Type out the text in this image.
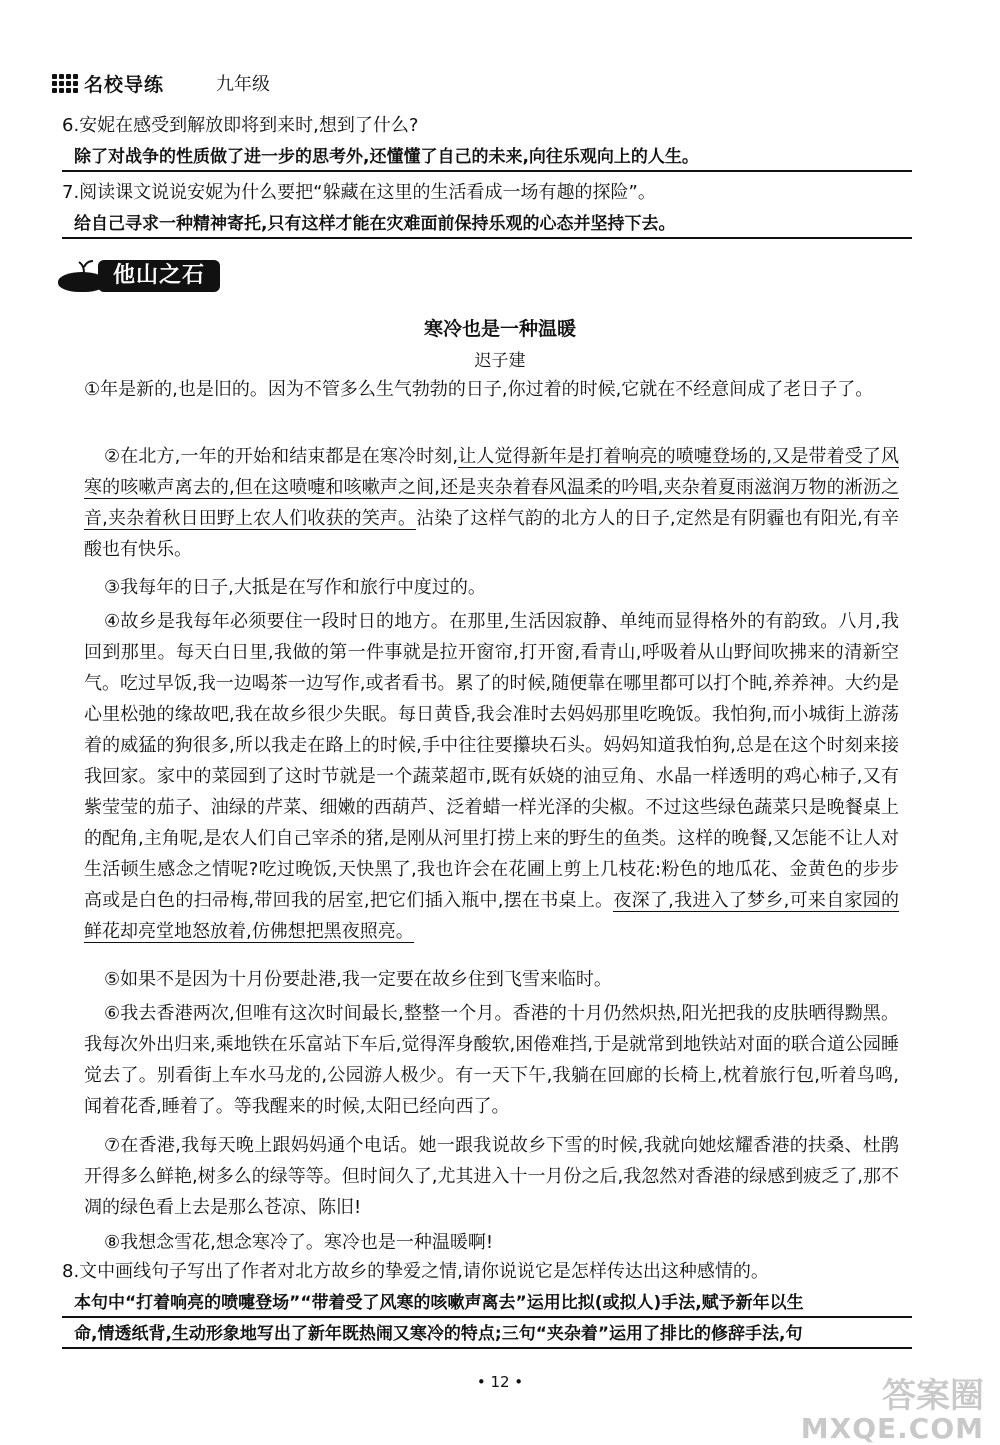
名校导练	九年级
6.安妮在感受到解放即将到来时,想到了什么?
除了对战争的性质做了进一步的思考外,还懂懂了自己的未来,向往乐观向上的人生。
7.阅读课文说说安妮为什么要把“躲藏在这里的生活看成一场有趣的探险”。
给自己寻求一种精神寄托,只有这样才能在灾难面前保持乐观的心态并坚持下去。
他山之石
寒冷也是一种温暖
迟子建
①年是新的,也是旧的。因为不管多么生气勃勃的日子,你过着的时候,它就在不经意间成了老日子了。
②在北方,一年的开始和结束都是在寒冷时刻,让人觉得新年是打着响亮的喷嚏登场的,又是带着受了风寒的咳嗽声离去的,但在这喷嚏和咳嗽声之间,还是夹杂着春风温柔的吟唱,夹杂着夏雨滋润万物的淅沥之音,夹杂着秋日田野上农人们收获的笑声。沾染了这样气韵的北方人的日子,定然是有阴霾也有阳光,有辛酸也有快乐。
③我每年的日子,大抵是在写作和旅行中度过的。
④故乡是我每年必须要住一段时日的地方。在那里,生活因寂静、单纯而显得格外的有韵致。八月,我回到那里。每天白日里,我做的第一件事就是拉开窗帘,打开窗,看青山,呼吸着从山野间吹拂来的清新空气。吃过早饭,我一边喝茶一边写作,或者看书。累了的时候,随便靠在哪里都可以打个盹,养养神。大约是心里松弛的缘故吧,我在故乡很少失眠。每日黄昏,我会准时去妈妈那里吃晚饭。我怕狗,而小城街上游荡着的威猛的狗很多,所以我走在路上的时候,手中往往要攥块石头。妈妈知道我怕狗,总是在这个时刻来接我回家。家中的菜园到了这时节就是一个蔬菜超市,既有妖娆的油豆角、水晶一样透明的鸡心柿子,又有紫莹莹的茄子、油绿的芹菜、细嫩的西葫芦、泛着蜡一样光泽的尖椒。不过这些绿色蔬菜只是晚餐桌上的配角,主角呢,是农人们自己宰杀的猪,是刚从河里打捞上来的野生的鱼类。这样的晚餐,又怎能不让人对生活顿生感念之情呢?吃过晚饭,天快黑了,我也许会在花圃上剪上几枝花:粉色的地瓜花、金黄色的步步高或是白色的扫帚梅,带回我的居室,把它们插入瓶中,摆在书桌上。夜深了,我进入了梦乡,可来自家园的鲜花却亮堂地怒放着,仿佛想把黑夜照亮。
⑤如果不是因为十月份要赴港,我一定要在故乡住到飞雪来临时。
⑥我去香港两次,但唯有这次时间最长,整整一个月。香港的十月仍然炽热,阳光把我的皮肤晒得黝黑。我每次外出归来,乘地铁在乐富站下车后,觉得浑身酸软,困倦难挡,于是就常到地铁站对面的联合道公园睡觉去了。别看街上车水马龙的,公园游人极少。有一天下午,我躺在回廊的长椅上,枕着旅行包,听着鸟鸣,闻着花香,睡着了。等我醒来的时候,太阳已经向西了。
⑦在香港,我每天晚上跟妈妈通个电话。她一跟我说故乡下雪的时候,我就向她炫耀香港的扶桑、杜鹃开得多么鲜艳,树多么的绿等等。但时间久了,尤其进入十一月份之后,我忽然对香港的绿感到疲乏了,那不凋的绿色看上去是那么苍凉、陈旧!
⑧我想念雪花,想念寒冷了。寒冷也是一种温暖啊!
8.文中画线句子写出了作者对北方故乡的挚爱之情,请你说说它是怎样传达出这种感情的。
本句中“打着响亮的喷嚏登场”“带着受了风寒的咳嗽声离去”运用比拟(或拟人)手法,赋予新年以生
命,情透纸背,生动形象地写出了新年既热闹又寒冷的特点;三句“夹杂着”运用了排比的修辞手法,句
• 12 •	答案圈
MXQE.COM
